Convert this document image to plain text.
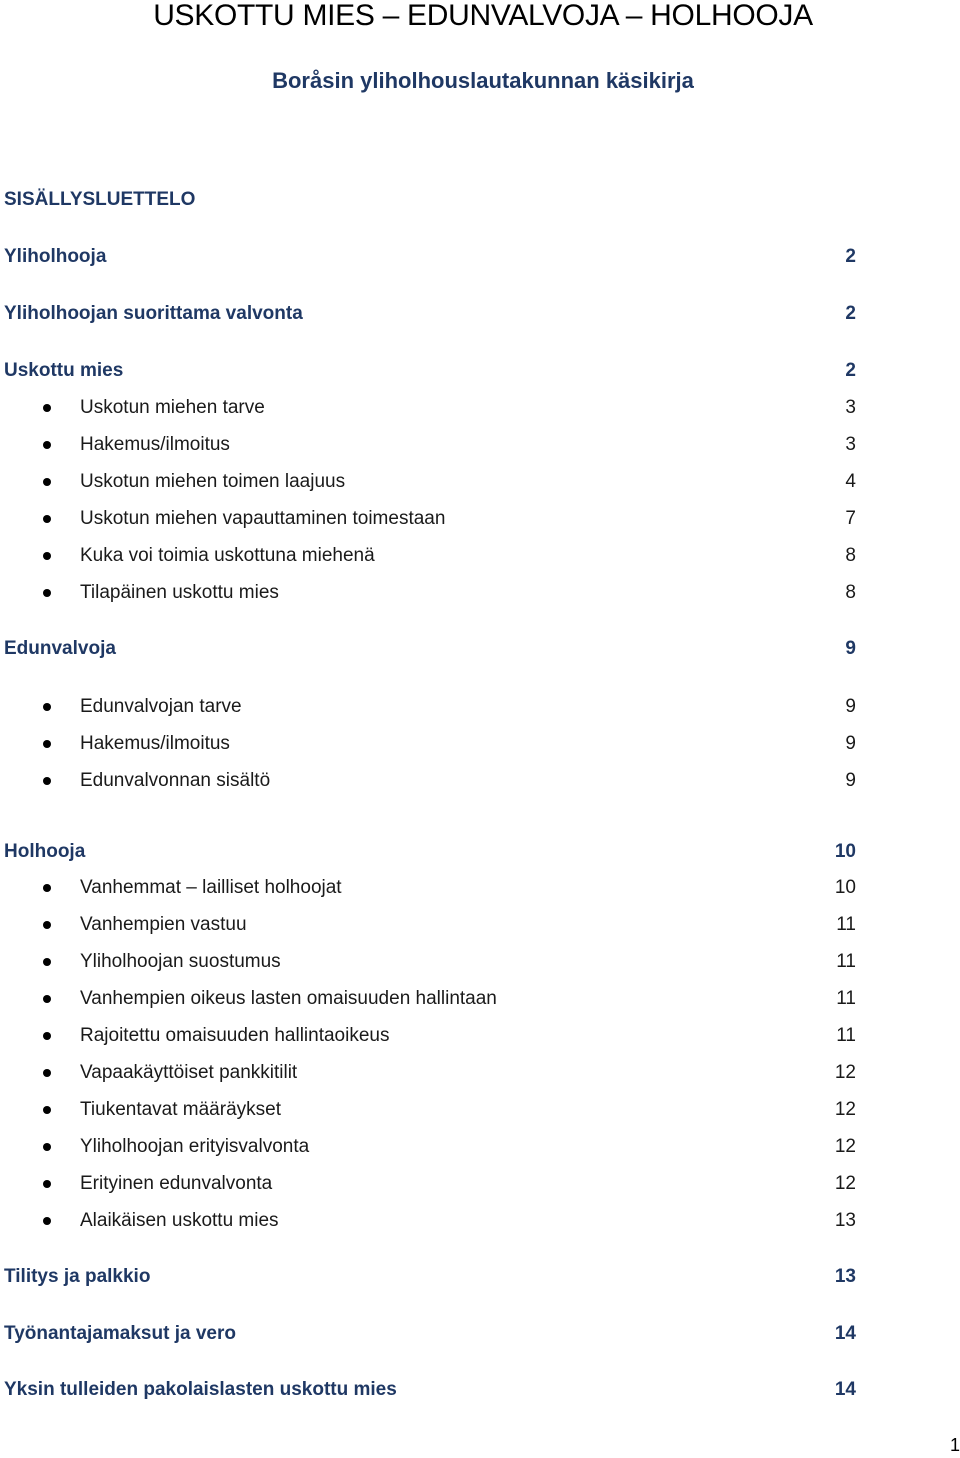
USKOTTU MIES – EDUNVALVOJA – HOLHOOJA
Boråsin yliholhouslautakunnan käsikirja
SISÄLLYSLUETTELO
Yliholhooja	2
Yliholhoojan suorittama valvonta	2
Uskottu mies	2
Uskotun miehen tarve	3
Hakemus/ilmoitus	3
Uskotun miehen toimen laajuus	4
Uskotun miehen vapauttaminen toimestaan	7
Kuka voi toimia uskottuna miehenä	8
Tilapäinen uskottu mies	8
Edunvalvoja	9
Edunvalvojan tarve	9
Hakemus/ilmoitus	9
Edunvalvonnan sisältö	9
Holhooja	10
Vanhemmat – lailliset holhoojat	10
Vanhempien vastuu	11
Yliholhoojan suostumus	11
Vanhempien oikeus lasten omaisuuden hallintaan	11
Rajoitettu omaisuuden hallintaoikeus	11
Vapaakäyttöiset pankkitilit	12
Tiukentavat määräykset	12
Yliholhoojan erityisvalvonta	12
Erityinen edunvalvonta	12
Alaikäisen uskottu mies	13
Tilitys ja palkkio	13
Työnantajamaksut ja vero	14
Yksin tulleiden pakolaislasten uskottu mies	14
1
